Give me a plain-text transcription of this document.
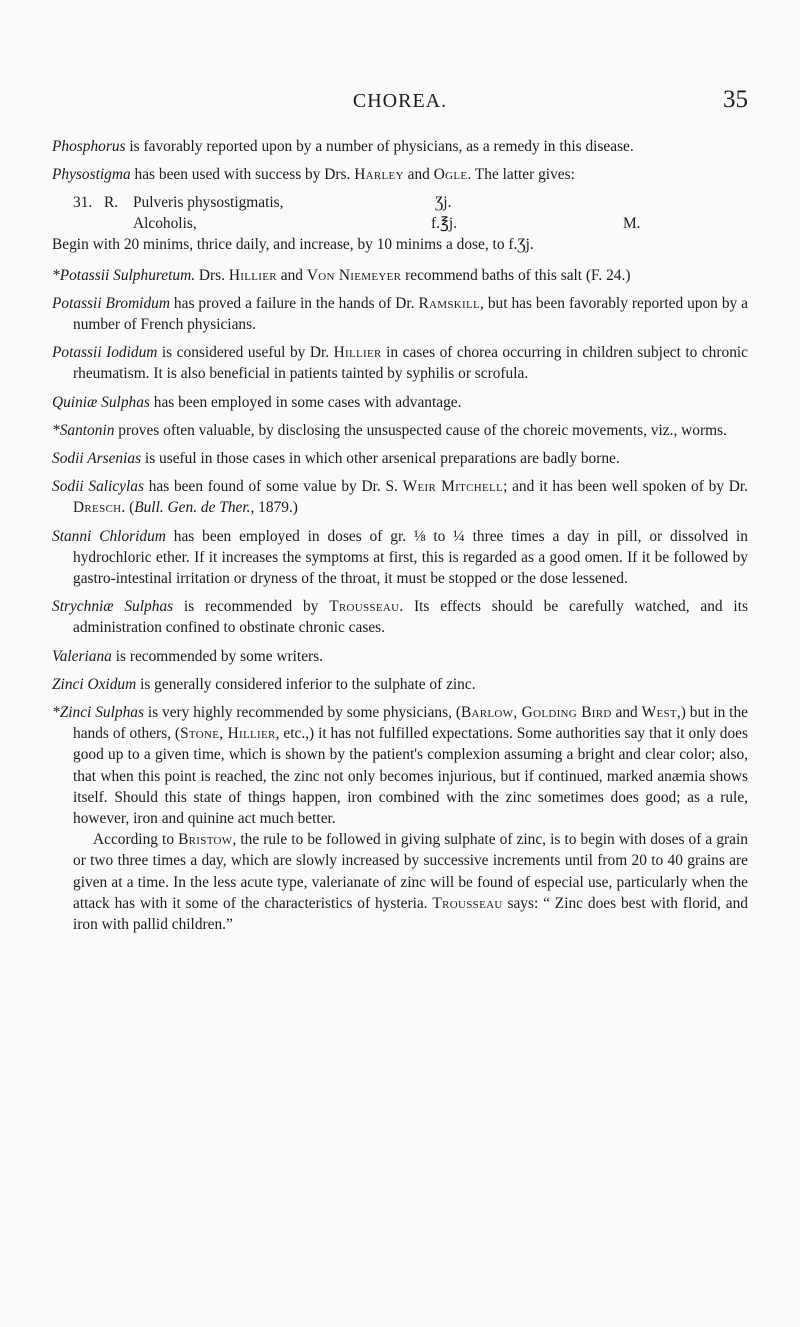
CHOREA.	35

Phosphorus is favorably reported upon by a number of physicians, as a remedy in this disease.

Physostigma has been used with success by Drs. Harley and Ogle. The latter gives:

31. R. Pulveris physostigmatis,	Ʒj.
Alcoholis,	f.℥j.	M.

Begin with 20 minims, thrice daily, and increase, by 10 minims a dose, to f.Ʒj.

*Potassii Sulphuretum. Drs. Hillier and Von Niemeyer recommend baths of this salt (F. 24.)

Potassii Bromidum has proved a failure in the hands of Dr. Ramskill, but has been favorably reported upon by a number of French physicians.

Potassii Iodidum is considered useful by Dr. Hillier in cases of chorea occurring in children subject to chronic rheumatism. It is also beneficial in patients tainted by syphilis or scrofula.

Quiniæ Sulphas has been employed in some cases with advantage.

*Santonin proves often valuable, by disclosing the unsuspected cause of the choreic movements, viz., worms.

Sodii Arsenias is useful in those cases in which other arsenical preparations are badly borne.

Sodii Salicylas has been found of some value by Dr. S. Weir Mitchell; and it has been well spoken of by Dr. Dresch. (Bull. Gen. de Ther., 1879.)

Stanni Chloridum has been employed in doses of gr. ⅛ to ¼ three times a day in pill, or dissolved in hydrochloric ether. If it increases the symptoms at first, this is regarded as a good omen. If it be followed by gastro-intestinal irritation or dryness of the throat, it must be stopped or the dose lessened.

Strychniæ Sulphas is recommended by Trousseau. Its effects should be carefully watched, and its administration confined to obstinate chronic cases.

Valeriana is recommended by some writers.

Zinci Oxidum is generally considered inferior to the sulphate of zinc.

*Zinci Sulphas is very highly recommended by some physicians, (Barlow, Golding Bird and West,) but in the hands of others, (Stone, Hillier, etc.,) it has not fulfilled expectations. Some authorities say that it only does good up to a given time, which is shown by the patient's complexion assuming a bright and clear color; also, that when this point is reached, the zinc not only becomes injurious, but if continued, marked anæmia shows itself. Should this state of things happen, iron combined with the zinc sometimes does good; as a rule, however, iron and quinine act much better.

According to Bristow, the rule to be followed in giving sulphate of zinc, is to begin with doses of a grain or two three times a day, which are slowly increased by successive increments until from 20 to 40 grains are given at a time. In the less acute type, valerianate of zinc will be found of especial use, particularly when the attack has with it some of the characteristics of hysteria. Trousseau says: “ Zinc does best with florid, and iron with pallid children.”
